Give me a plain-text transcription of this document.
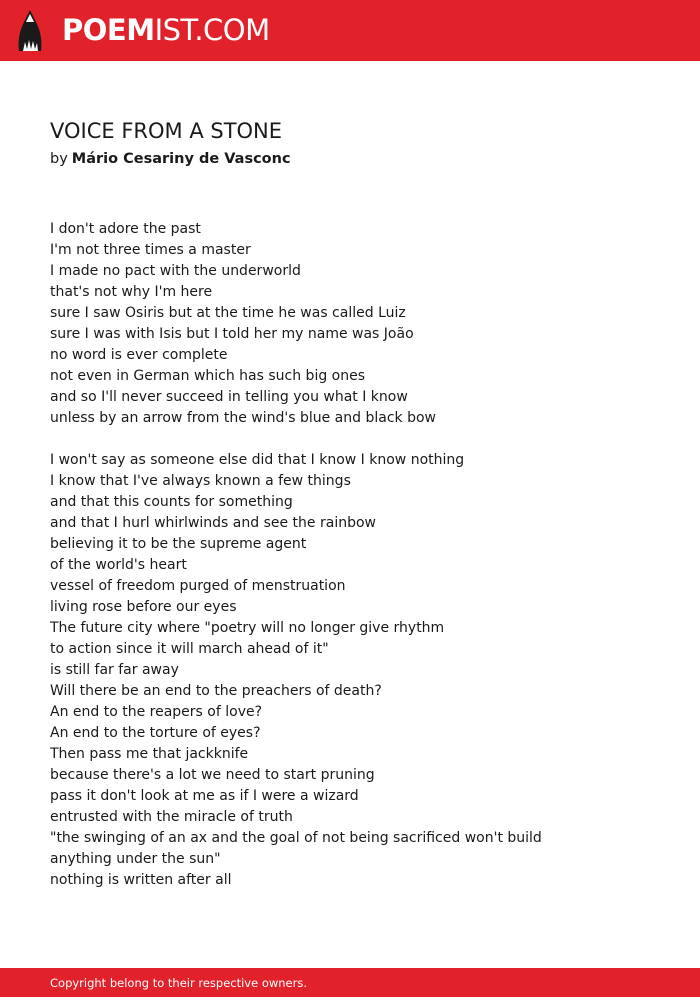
POEMIST.COM
VOICE FROM A STONE
by Mário Cesariny de Vasconc
I don't adore the past
I'm not three times a master
I made no pact with the underworld
that's not why I'm here
sure I saw Osiris but at the time he was called Luiz
sure I was with Isis but I told her my name was João
no word is ever complete
not even in German which has such big ones
and so I'll never succeed in telling you what I know
unless by an arrow from the wind's blue and black bow
I won't say as someone else did that I know I know nothing
I know that I've always known a few things
and that this counts for something
and that I hurl whirlwinds and see the rainbow
believing it to be the supreme agent
of the world's heart
vessel of freedom purged of menstruation
living rose before our eyes
The future city where "poetry will no longer give rhythm
to action since it will march ahead of it"
is still far far away
Will there be an end to the preachers of death?
An end to the reapers of love?
An end to the torture of eyes?
Then pass me that jackknife
because there's a lot we need to start pruning
pass it don't look at me as if I were a wizard
entrusted with the miracle of truth
"the swinging of an ax and the goal of not being sacrificed won't build
anything under the sun"
nothing is written after all
Copyright belong to their respective owners.
